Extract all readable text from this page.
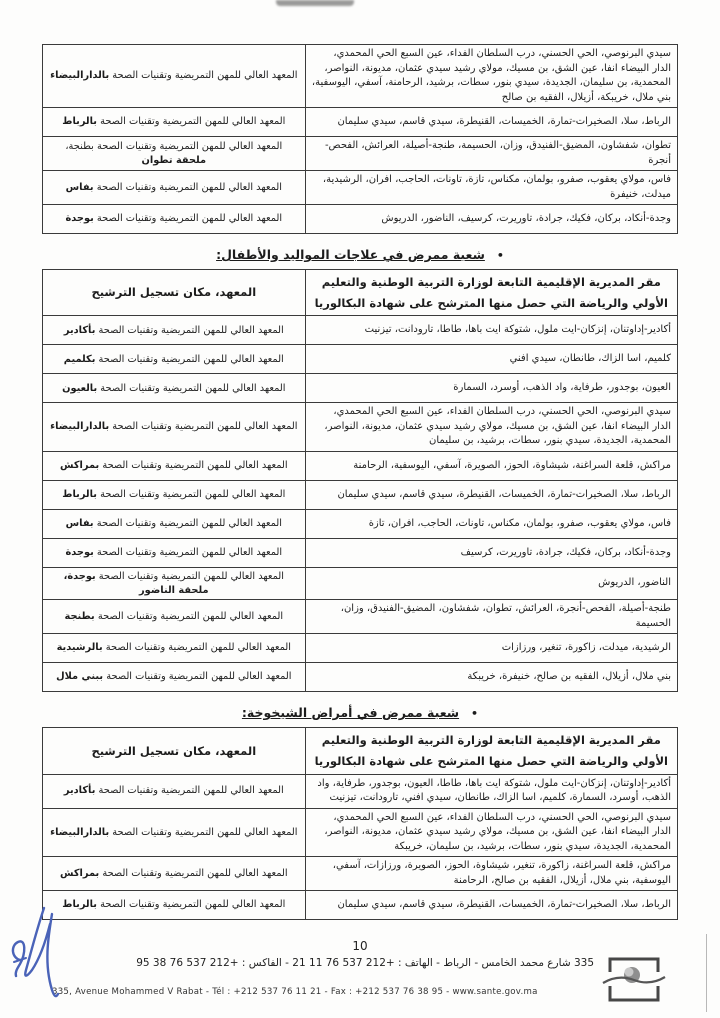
سيدي البرنوصي، الحي الحسني، درب السلطان الفداء، عين السبع الحي المحمدي، الدار البيضاء انفا، عين الشق، بن مسيك، مولاي رشيد سيدي عثمان، مديونة، النواصر، المحمدية، بن سليمان، الجديدة، سيدي بنور، سطات، برشيد، الرحامنة، آسفي، اليوسفية، بني ملال، خريبكة، أزيلال، الفقيه بن صالح	المعهد العالي للمهن التمريضية وتقنيات الصحة بالدارالبيضاء
الرباط، سلا، الصخيرات-تمارة، الخميسات، القنيطرة، سيدي قاسم، سيدي سليمان	المعهد العالي للمهن التمريضية وتقنيات الصحة بالرباط
تطوان، شفشاون، المضيق-الفنيدق، وزان، الحسيمة، طنجة-أصيلة، العرائش، الفحص-أنجرة	المعهد العالي للمهن التمريضية وتقنيات الصحة بطنجة، ملحقة تطوان
فاس، مولاي يعقوب، صفرو، بولمان، مكناس، تازة، تاونات، الحاجب، افران، الرشيدية، ميدلت، خنيفرة	المعهد العالي للمهن التمريضية وتقنيات الصحة بفاس
وجدة-أنكاد، بركان، فكيك، جرادة، تاوريرت، كرسيف، الناضور، الدريوش	المعهد العالي للمهن التمريضية وتقنيات الصحة بوجدة
•شعبة ممرض في علاجات المواليد والأطفال:
مقر المديرية الإقليمية التابعة لوزارة التربية الوطنية والتعليم الأولي والرياضة التي حصل منها المترشح على شهادة البكالوريا	المعهد، مكان تسجيل الترشيح
أكادير-إداوتنان، إنزكان-ايت ملول، شتوكة ايت باها، طاطا، تارودانت، تيزنيت	المعهد العالي للمهن التمريضية وتقنيات الصحة بأكادير
كلميم، اسا الزاك، طانطان، سيدي افني	المعهد العالي للمهن التمريضية وتقنيات الصحة بكلميم
العيون، بوجدور، طرفاية، واد الذهب، أوسرد، السمارة	المعهد العالي للمهن التمريضية وتقنيات الصحة بالعيون
سيدي البرنوصي، الحي الحسني، درب السلطان الفداء، عين السبع الحي المحمدي، الدار البيضاء انفا، عين الشق، بن مسيك، مولاي رشيد سيدي عثمان، مديونة، النواصر، المحمدية، الجديدة، سيدي بنور، سطات، برشيد، بن سليمان	المعهد العالي للمهن التمريضية وتقنيات الصحة بالدارالبيضاء
مراكش، قلعة السراغنة، شيشاوة، الحوز، الصويرة، آسفي، اليوسفية، الرحامنة	المعهد العالي للمهن التمريضية وتقنيات الصحة بمراكش
الرباط، سلا، الصخيرات-تمارة، الخميسات، القنيطرة، سيدي قاسم، سيدي سليمان	المعهد العالي للمهن التمريضية وتقنيات الصحة بالرباط
فاس، مولاي يعقوب، صفرو، بولمان، مكناس، تاونات، الحاجب، افران، تازة	المعهد العالي للمهن التمريضية وتقنيات الصحة بفاس
وجدة-أنكاد، بركان، فكيك، جرادة، تاوريرت، كرسيف	المعهد العالي للمهن التمريضية وتقنيات الصحة بوجدة
الناضور، الدريوش	المعهد العالي للمهن التمريضية وتقنيات الصحة بوجدة، ملحقة الناضور
طنجة-أصيلة، الفحص-أنجرة، العرائش، تطوان، شفشاون، المضيق-الفنيدق، وزان، الحسيمة	المعهد العالي للمهن التمريضية وتقنيات الصحة بطنجة
الرشيدية، ميدلت، زاكورة، تنغير، ورزازات	المعهد العالي للمهن التمريضية وتقنيات الصحة بالرشيدية
بني ملال، أزيلال، الفقيه بن صالح، خنيفرة، خريبكة	المعهد العالي للمهن التمريضية وتقنيات الصحة ببني ملال
•شعبة ممرض في أمراض الشيخوخة:
مقر المديرية الإقليمية التابعة لوزارة التربية الوطنية والتعليم الأولي والرياضة التي حصل منها المترشح على شهادة البكالوريا	المعهد، مكان تسجيل الترشيح
أكادير-إداوتنان، إنزكان-ايت ملول، شتوكة ايت باها، طاطا، العيون، بوجدور، طرفاية، واد الذهب، أوسرد، السمارة، كلميم، اسا الزاك، طانطان، سيدي افني، تارودانت، تيزنيت	المعهد العالي للمهن التمريضية وتقنيات الصحة بأكادير
سيدي البرنوصي، الحي الحسني، درب السلطان الفداء، عين السبع الحي المحمدي، الدار البيضاء انفا، عين الشق، بن مسيك، مولاي رشيد سيدي عثمان، مديونة، النواصر، المحمدية، الجديدة، سيدي بنور، سطات، برشيد، بن سليمان، خريبكة	المعهد العالي للمهن التمريضية وتقنيات الصحة بالدارالبيضاء
مراكش، قلعة السراغنة، زاكورة، تنغير، شيشاوة، الحوز، الصويرة، ورزازات، آسفي، اليوسفية، بني ملال، أزيلال، الفقيه بن صالح، الرحامنة	المعهد العالي للمهن التمريضية وتقنيات الصحة بمراكش
الرباط، سلا، الصخيرات-تمارة، الخميسات، القنيطرة، سيدي قاسم، سيدي سليمان	المعهد العالي للمهن التمريضية وتقنيات الصحة بالرباط
10
335 شارع محمد الخامس - الرباط - الهاتف : +212 537 76 11 21 - الفاكس : +212 537 76 38 95
335, Avenue Mohammed V Rabat - Tél : +212 537 76 11 21 - Fax : +212 537 76 38 95 - www.sante.gov.ma
